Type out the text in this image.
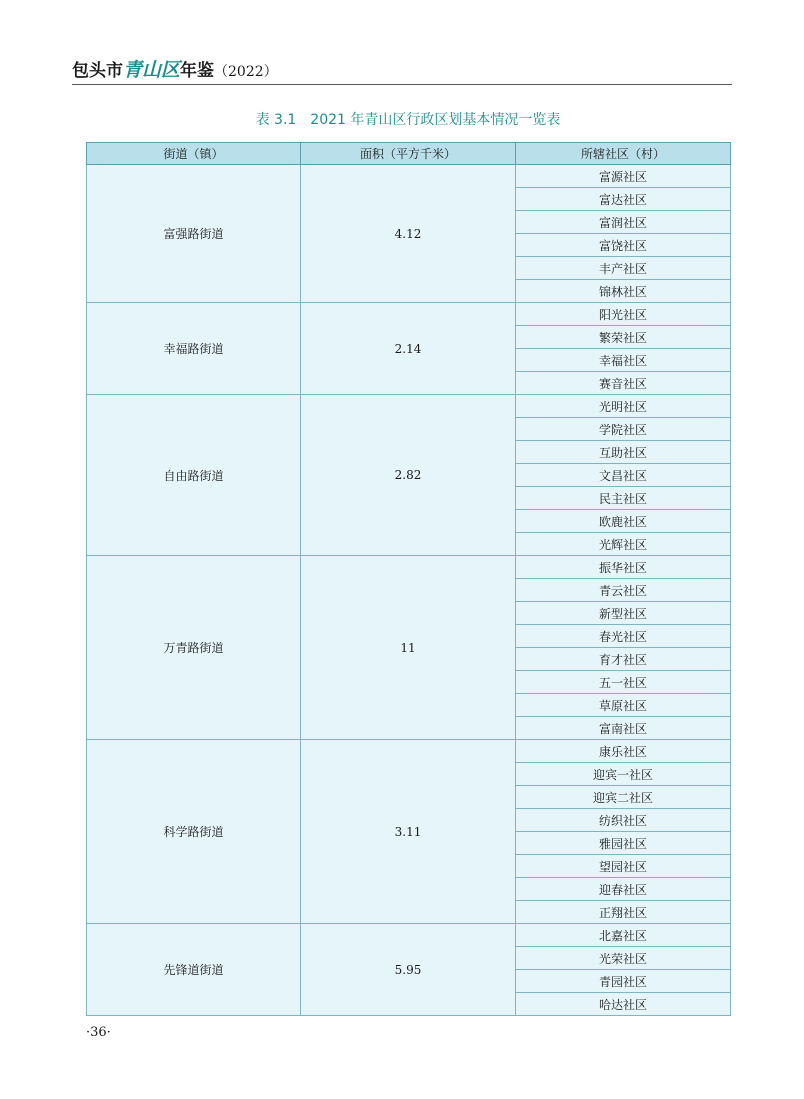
包头市青山区年鉴（2022）
表 3.1　2021 年青山区行政区划基本情况一览表
街道（镇）	面积（平方千米）	所辖社区（村）
富强路街道	4.12	富源社区
		富达社区
		富润社区
		富饶社区
		丰产社区
		锦林社区
幸福路街道	2.14	阳光社区
		繁荣社区
		幸福社区
		赛音社区
自由路街道	2.82	光明社区
		学院社区
		互助社区
		文昌社区
		民主社区
		欧鹿社区
		光辉社区
万青路街道	11	振华社区
		青云社区
		新型社区
		春光社区
		育才社区
		五一社区
		草原社区
		富南社区
科学路街道	3.11	康乐社区
		迎宾一社区
		迎宾二社区
		纺织社区
		雅园社区
		望园社区
		迎春社区
		正翔社区
先锋道街道	5.95	北嘉社区
		光荣社区
		青园社区
		哈达社区
·36·
